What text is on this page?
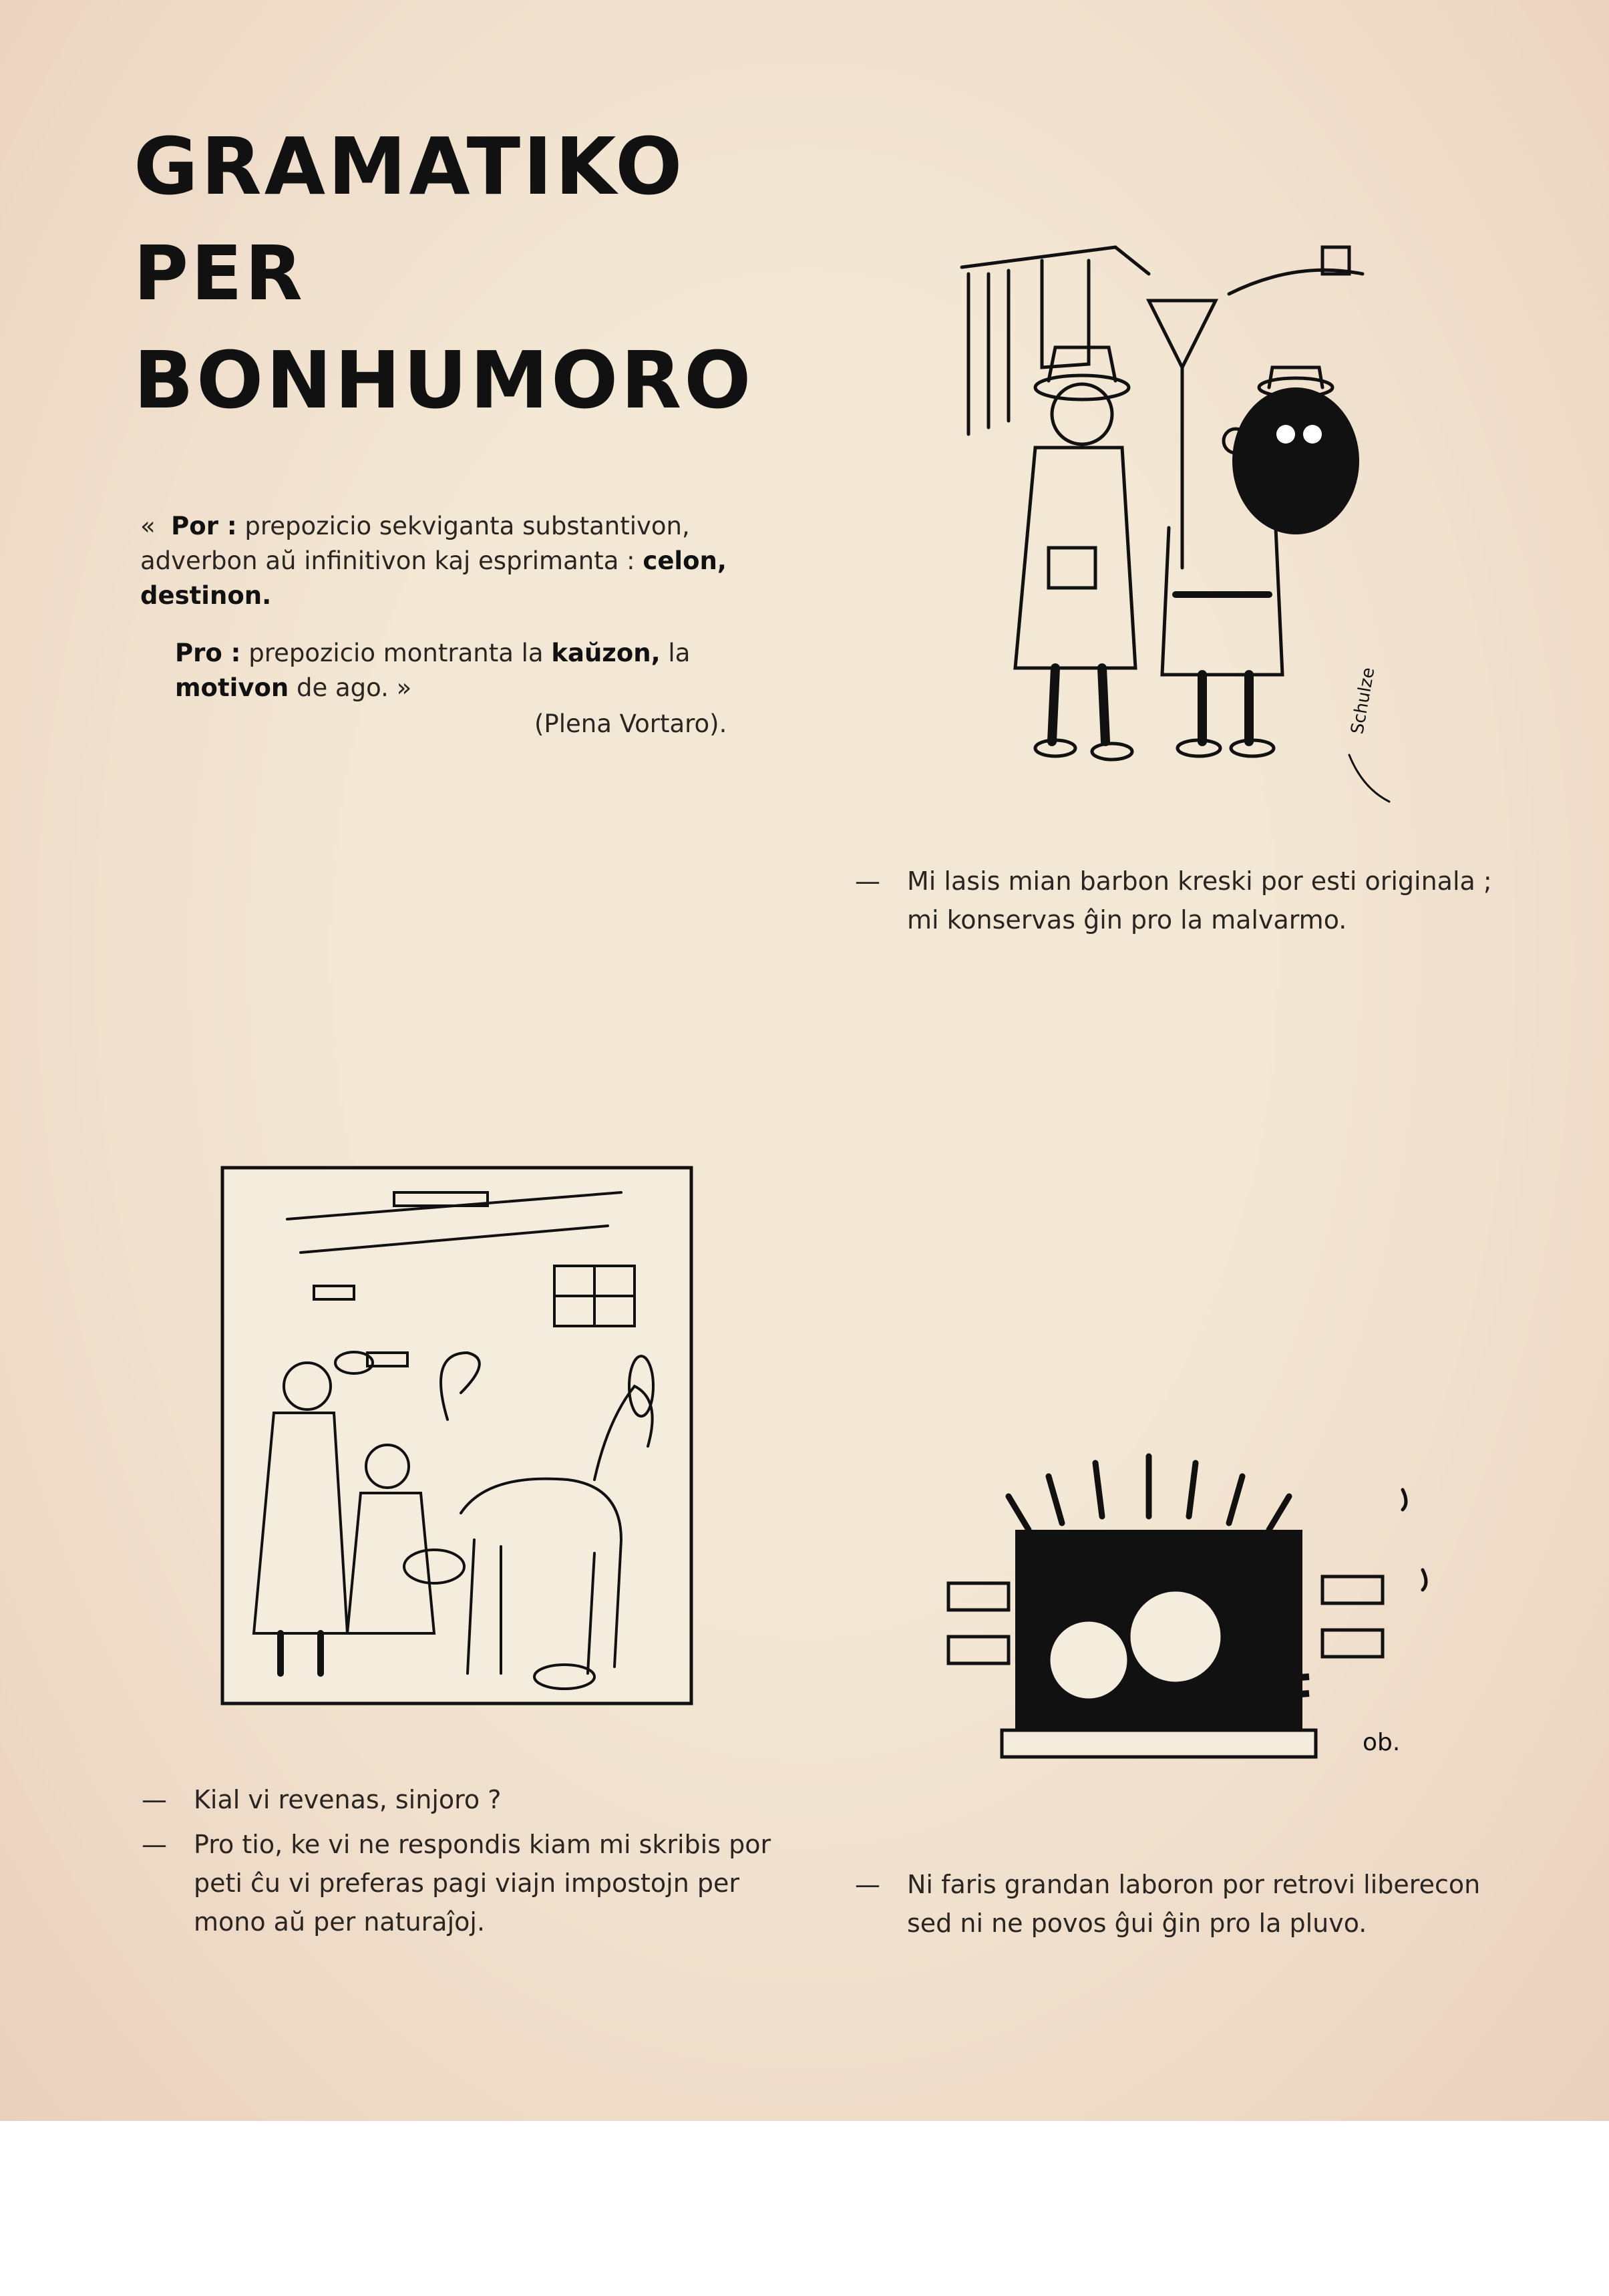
GRAMATIKO
PER
BONHUMORO
« Por : prepozicio sekviganta substantivon, adverbon aŭ infinitivon kaj esprimanta : celon, destinon.
Pro : prepozicio montranta la kaŭzon, la motivon de ago. »
(Plena Vortaro).	Schulze
— Mi lasis mian barbon kreski por esti originala ; mi konservas ĝin pro la malvarmo.
— Kial vi revenas, sinjoro ?
— Pro tio, ke vi ne respondis kiam mi skribis por peti ĉu vi preferas pagi viajn impostojn per mono aŭ per naturaĵoj.
ob.
— Ni faris grandan laboron por retrovi liberecon sed ni ne povos ĝui ĝin pro la pluvo.
